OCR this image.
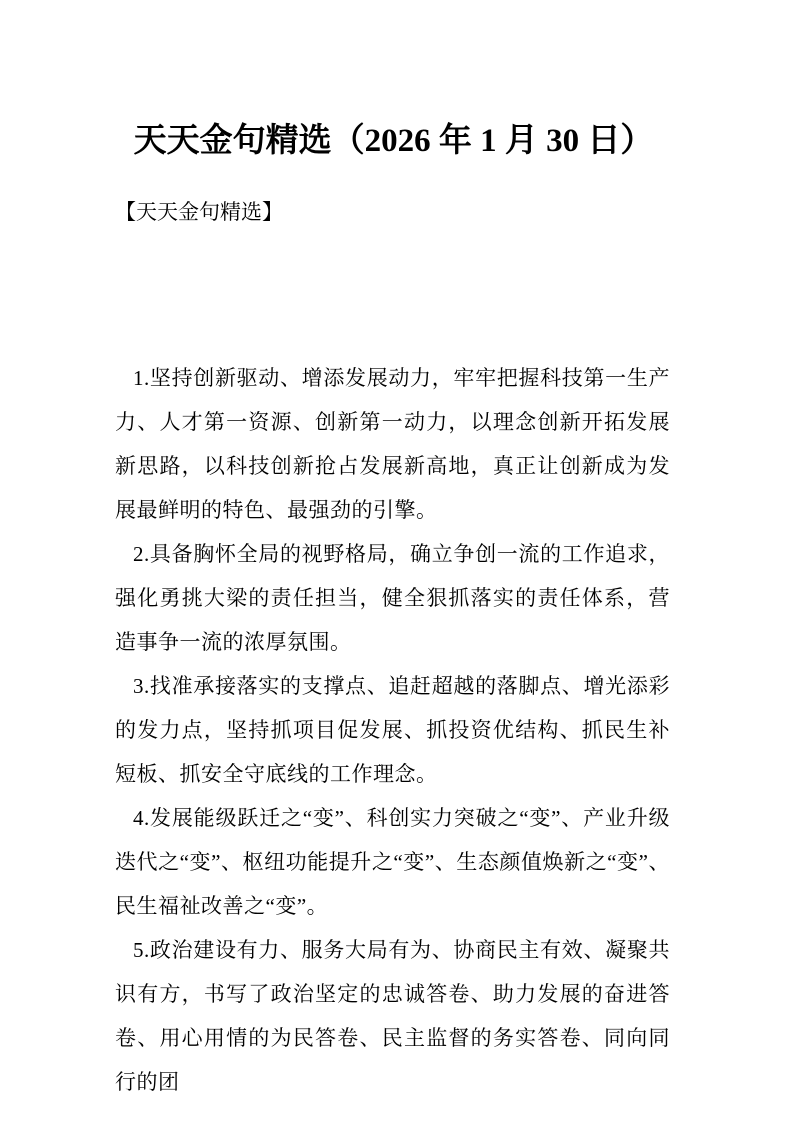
天天金句精选（2026 年 1 月 30 日）
【天天金句精选】

1.坚持创新驱动、增添发展动力，牢牢把握科技第一生产力、人才第一资源、创新第一动力，以理念创新开拓发展新思路，以科技创新抢占发展新高地，真正让创新成为发展最鲜明的特色、最强劲的引擎。

2.具备胸怀全局的视野格局，确立争创一流的工作追求，强化勇挑大梁的责任担当，健全狠抓落实的责任体系，营造事争一流的浓厚氛围。

3.找准承接落实的支撑点、追赶超越的落脚点、增光添彩的发力点，坚持抓项目促发展、抓投资优结构、抓民生补短板、抓安全守底线的工作理念。

4.发展能级跃迁之“变”、科创实力突破之“变”、产业升级迭代之“变”、枢纽功能提升之“变”、生态颜值焕新之“变”、民生福祉改善之“变”。

5.政治建设有力、服务大局有为、协商民主有效、凝聚共识有方，书写了政治坚定的忠诚答卷、助力发展的奋进答卷、用心用情的为民答卷、民主监督的务实答卷、同向同行的团
